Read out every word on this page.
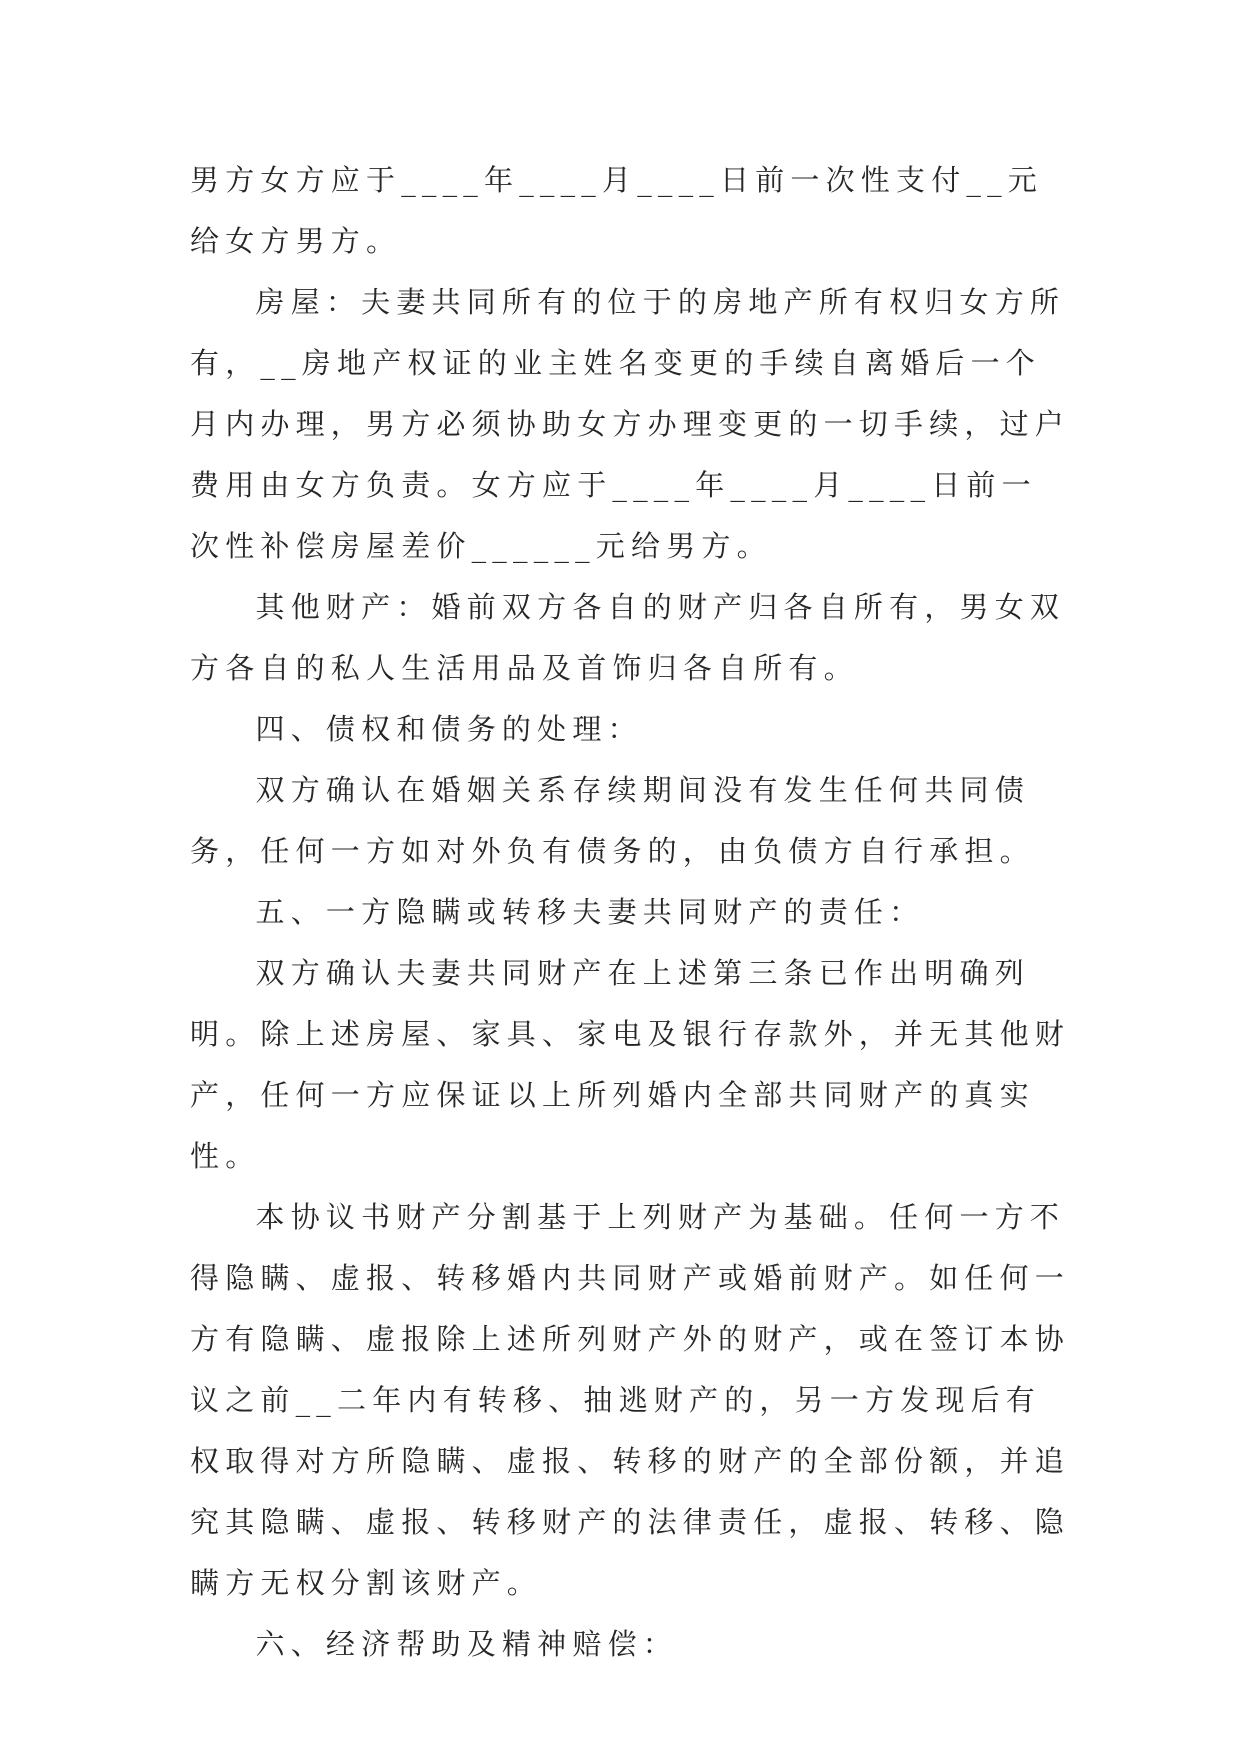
男方女方应于____年____月____日前一次性支付__元给女方男方。

房屋：夫妻共同所有的位于的房地产所有权归女方所有，__房地产权证的业主姓名变更的手续自离婚后一个月内办理，男方必须协助女方办理变更的一切手续，过户费用由女方负责。女方应于____年____月____日前一次性补偿房屋差价______元给男方。

其他财产：婚前双方各自的财产归各自所有，男女双方各自的私人生活用品及首饰归各自所有。

四、债权和债务的处理：

双方确认在婚姻关系存续期间没有发生任何共同债务，任何一方如对外负有债务的，由负债方自行承担。

五、一方隐瞒或转移夫妻共同财产的责任：

双方确认夫妻共同财产在上述第三条已作出明确列明。除上述房屋、家具、家电及银行存款外，并无其他财产，任何一方应保证以上所列婚内全部共同财产的真实性。

本协议书财产分割基于上列财产为基础。任何一方不得隐瞒、虚报、转移婚内共同财产或婚前财产。如任何一方有隐瞒、虚报除上述所列财产外的财产，或在签订本协议之前__二年内有转移、抽逃财产的，另一方发现后有权取得对方所隐瞒、虚报、转移的财产的全部份额，并追究其隐瞒、虚报、转移财产的法律责任，虚报、转移、隐瞒方无权分割该财产。

六、经济帮助及精神赔偿：
